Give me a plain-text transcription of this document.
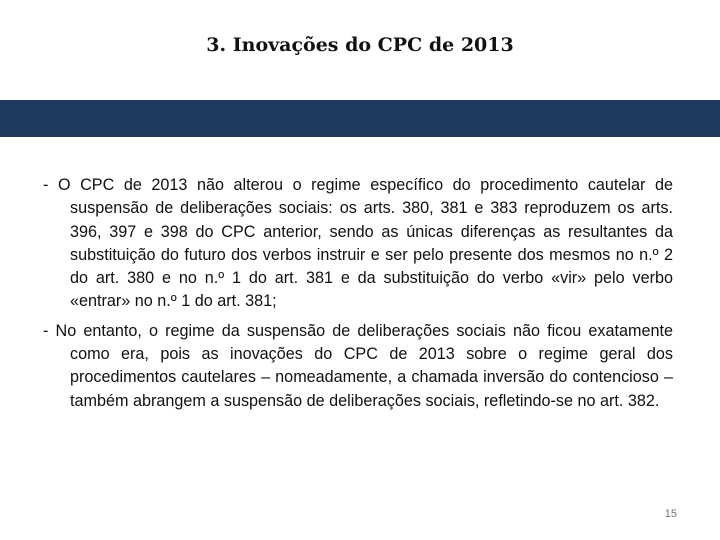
3. Inovações do CPC de 2013

- O CPC de 2013 não alterou o regime específico do procedimento cautelar de suspensão de deliberações sociais: os arts. 380, 381 e 383 reproduzem os arts. 396, 397 e 398 do CPC anterior, sendo as únicas diferenças as resultantes da substituição do futuro dos verbos instruir e ser pelo presente dos mesmos no n.º 2 do art. 380 e no n.º 1 do art. 381 e da substituição do verbo «vir» pelo verbo «entrar» no n.º 1 do art. 381;

- No entanto, o regime da suspensão de deliberações sociais não ficou exatamente como era, pois as inovações do CPC de 2013 sobre o regime geral dos procedimentos cautelares – nomeadamente, a chamada inversão do contencioso – também abrangem a suspensão de deliberações sociais, refletindo-se no art. 382.

15
